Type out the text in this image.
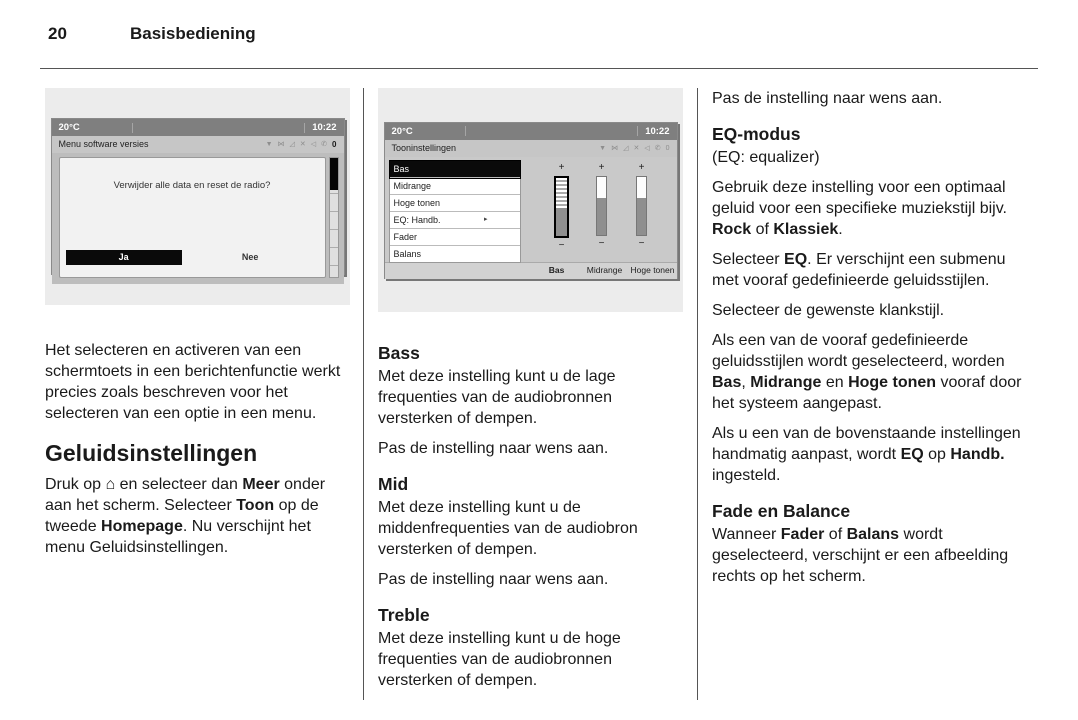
20	Basisbediening
20°C	10:22
Menu software versies	▼ ⋈ ◿ ✕ ◁ ✆ 0
Verwijder alle data en reset de radio?
Ja	Nee

Het selecteren en activeren van een schermtoets in een berichtenfunctie werkt precies zoals beschreven voor het selecteren van een optie in een menu.

Geluidsinstellingen

Druk op ⌂ en selecteer dan Meer onder aan het scherm. Selecteer Toon op de tweede Homepage. Nu verschijnt het menu Geluidsinstellingen.

20°C	10:22
Tooninstellingen	▼ ⋈ ◿ ✕ ◁ ✆ 0
Bas
Midrange
Hoge tonen
EQ: Handb.	▸
Fader
Balans
+
−
+
−
+
−
Bas	Midrange Hoge tonen
Bass

Met deze instelling kunt u de lage frequenties van de audiobronnen versterken of dempen.

Pas de instelling naar wens aan.

Mid

Met deze instelling kunt u de middenfrequenties van de audiobron versterken of dempen.

Pas de instelling naar wens aan.

Treble

Met deze instelling kunt u de hoge frequenties van de audiobronnen versterken of dempen.

Pas de instelling naar wens aan.

EQ-modus

(EQ: equalizer)

Gebruik deze instelling voor een optimaal geluid voor een specifieke muziekstijl bijv. Rock of Klassiek.

Selecteer EQ. Er verschijnt een submenu met vooraf gedefinieerde geluidsstijlen.

Selecteer de gewenste klankstijl.

Als een van de vooraf gedefinieerde geluidsstijlen wordt geselecteerd, worden Bas, Midrange en Hoge tonen vooraf door het systeem aangepast.

Als u een van de bovenstaande instellingen handmatig aanpast, wordt EQ op Handb. ingesteld.

Fade en Balance

Wanneer Fader of Balans wordt geselecteerd, verschijnt er een afbeelding rechts op het scherm.
